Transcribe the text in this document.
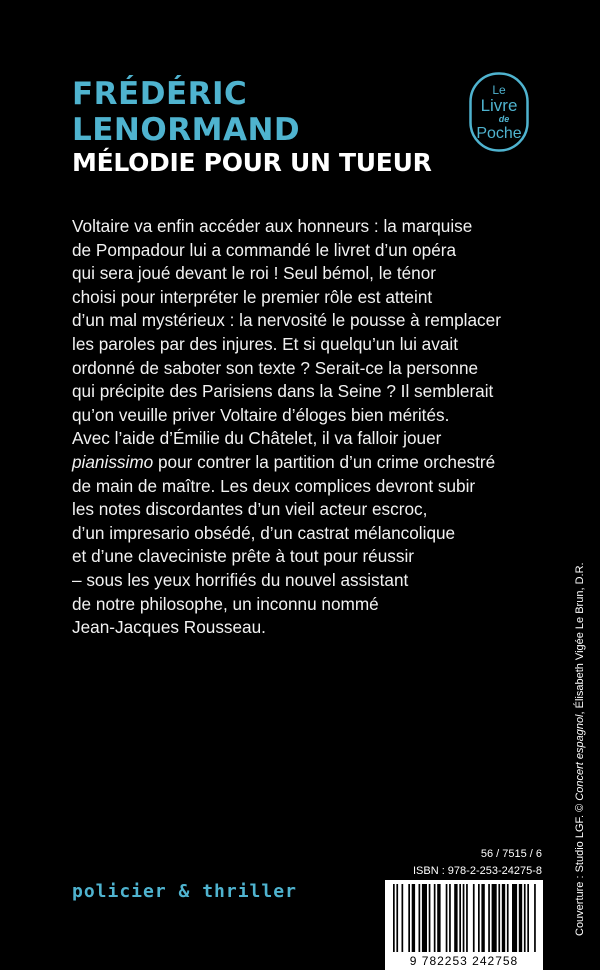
FRÉDÉRIC
LENORMAND
MÉLODIE POUR UN TUEUR
Le
Livre
de
Poche

Voltaire va enfin accéder aux honneurs : la marquise

de Pompadour lui a commandé le livret d’un opéra

qui sera joué devant le roi ! Seul bémol, le ténor

choisi pour interpréter le premier rôle est atteint

d’un mal mystérieux : la nervosité le pousse à remplacer

les paroles par des injures. Et si quelqu’un lui avait

ordonné de saboter son texte ? Serait-ce la personne

qui précipite des Parisiens dans la Seine ? Il semblerait

qu’on veuille priver Voltaire d’éloges bien mérités.

Avec l’aide d’Émilie du Châtelet, il va falloir jouer

pianissimo pour contrer la partition d’un crime orchestré

de main de maître. Les deux complices devront subir

les notes discordantes d’un vieil acteur escroc,

d’un impresario obsédé, d’un castrat mélancolique

et d’une claveciniste prête à tout pour réussir

– sous les yeux horrifiés du nouvel assistant

de notre philosophe, un inconnu nommé

Jean-Jacques Rousseau.

56 / 7515 / 6
ISBN : 978-2-253-24275-8
policier & thriller
9 782253 242758
Couverture : Studio LGF. © Concert espagnol, Élisabeth Vigée Le Brun, D.R.
